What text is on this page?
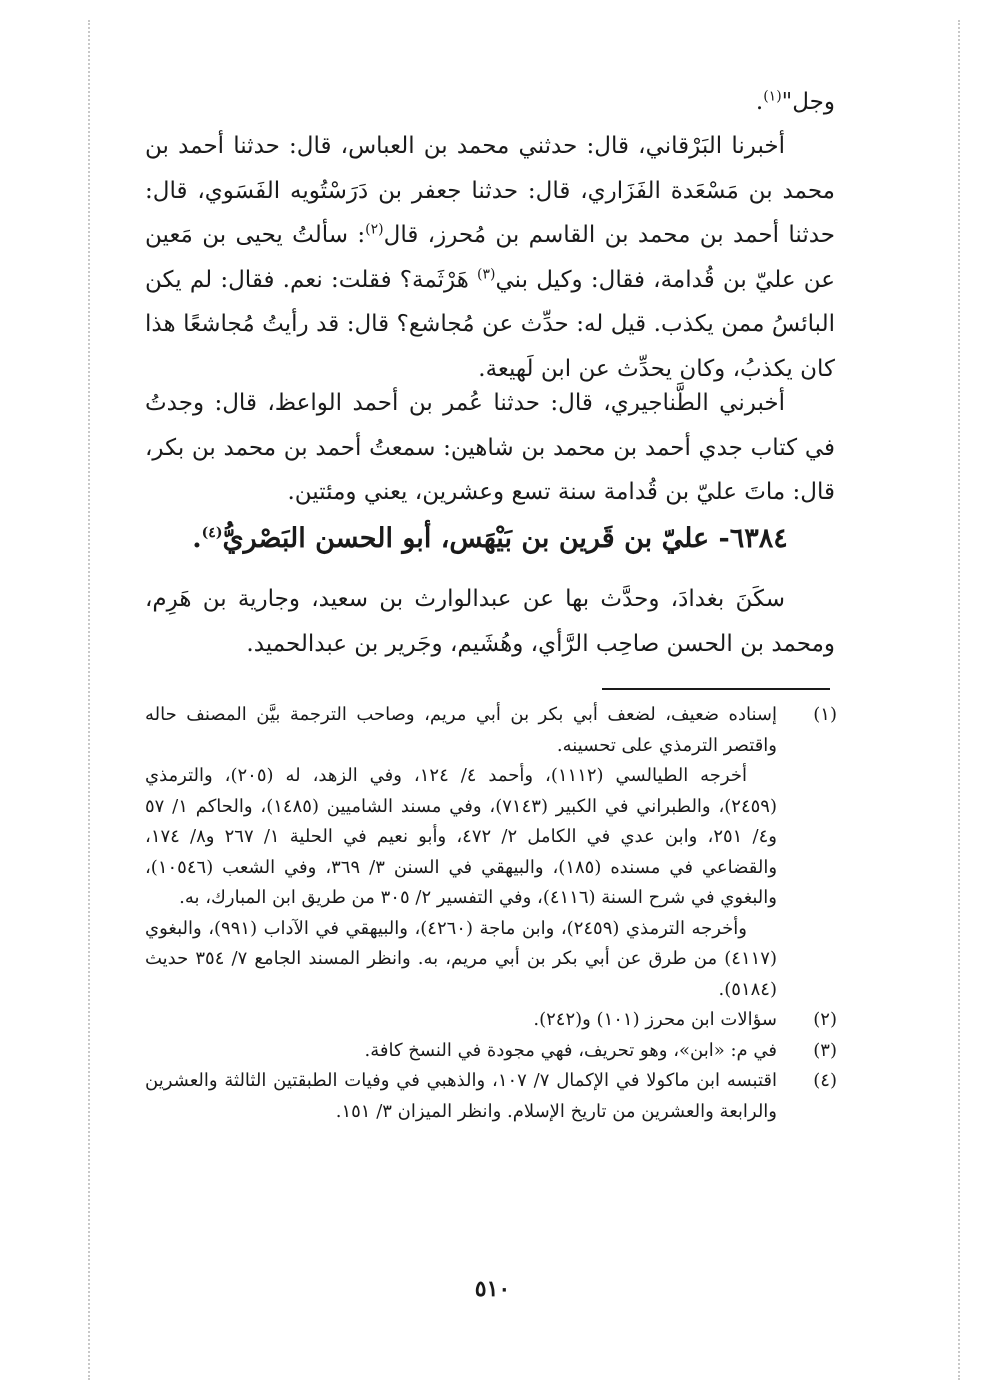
وجل"$^{(١)}$.

أخبرنا البَرْقاني، قال: حدثني محمد بن العباس، قال: حدثنا أحمد بن محمد بن مَسْعَدة الفَزَاري، قال: حدثنا جعفر بن دَرَسْتُويه الفَسَوي، قال: حدثنا أحمد بن محمد بن القاسم بن مُحرز، قال$^{(٢)}$: سألتُ يحيى بن مَعين عن عليّ بن قُدامة، فقال: وكيل بني$^{(٣)}$ هَرْثَمة؟ فقلت: نعم. فقال: لم يكن البائسُ ممن يكذب. قيل له: حدِّث عن مُجاشع؟ قال: قد رأيتُ مُجاشعًا هذا كان يكذبُ، وكان يحدِّث عن ابن لَهيعة.

أخبرني الطَّناجيري، قال: حدثنا عُمر بن أحمد الواعظ، قال: وجدتُ في كتاب جدي أحمد بن محمد بن شاهين: سمعتُ أحمد بن محمد بن بكر، قال: ماتَ عليّ بن قُدامة سنة تسع وعشرين، يعني ومئتين.

٦٣٨٤- عليّ بن قَرين بن بَيْهَس، أبو الحسن البَصْريُّ$^{(٤)}$.

سكَنَ بغدادَ، وحدَّث بها عن عبدالوارث بن سعيد، وجارية بن هَرِم، ومحمد بن الحسن صاحِب الرَّأي، وهُشَيم، وجَرير بن عبدالحميد.

(١)
إسناده ضعيف، لضعف أبي بكر بن أبي مريم، وصاحب الترجمة بيَّن المصنف حاله واقتصر الترمذي على تحسينه.
أخرجه الطيالسي (١١١٢)، وأحمد ٤/ ١٢٤، وفي الزهد، له (٢٠٥)، والترمذي (٢٤٥٩)، والطبراني في الكبير (٧١٤٣)، وفي مسند الشاميين (١٤٨٥)، والحاكم ١/ ٥٧ و٤/ ٢٥١، وابن عدي في الكامل ٢/ ٤٧٢، وأبو نعيم في الحلية ١/ ٢٦٧ و٨/ ١٧٤، والقضاعي في مسنده (١٨٥)، والبيهقي في السنن ٣/ ٣٦٩، وفي الشعب (١٠٥٤٦)، والبغوي في شرح السنة (٤١١٦)، وفي التفسير ٢/ ٣٠٥ من طريق ابن المبارك، به.
وأخرجه الترمذي (٢٤٥٩)، وابن ماجة (٤٢٦٠)، والبيهقي في الآداب (٩٩١)، والبغوي (٤١١٧) من طرق عن أبي بكر بن أبي مريم، به. وانظر المسند الجامع ٧/ ٣٥٤ حديث (٥١٨٤).
(٢)
سؤالات ابن محرز (١٠١) و(٢٤٢).
(٣)
في م: «ابن»، وهو تحريف، فهي مجودة في النسخ كافة.
(٤)
اقتبسه ابن ماكولا في الإكمال ٧/ ١٠٧، والذهبي في وفيات الطبقتين الثالثة والعشرين والرابعة والعشرين من تاريخ الإسلام. وانظر الميزان ٣/ ١٥١.
٥١٠
